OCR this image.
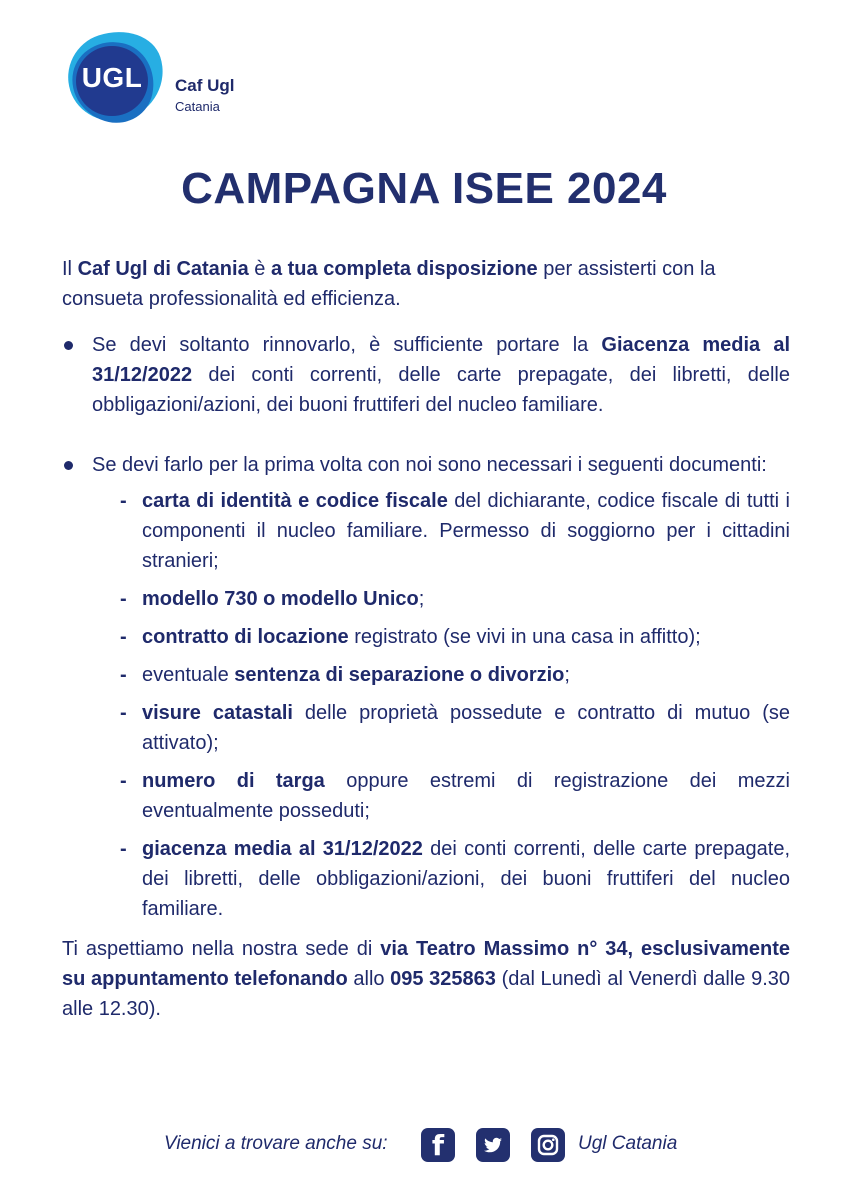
UGL	Caf Ugl
Catania
CAMPAGNA ISEE 2024

Il Caf Ugl di Catania è a tua completa disposizione per assisterti con la consueta professionalità ed efficienza.

Se devi soltanto rinnovarlo, è sufficiente portare la Giacenza media al 31/12/2022 dei conti correnti, delle carte prepagate, dei libretti, delle obbligazioni/azioni, dei buoni fruttiferi del nucleo familiare.
Se devi farlo per la prima volta con noi sono necessari i seguenti documenti:
- carta di identità e codice fiscale del dichiarante, codice fiscale di tutti i componenti il nucleo familiare. Permesso di soggiorno per i cittadini stranieri;
- modello 730 o modello Unico;
- contratto di locazione registrato (se vivi in una casa in affitto);
- eventuale sentenza di separazione o divorzio;
- visure catastali delle proprietà possedute e contratto di mutuo (se attivato);
- numero di targa oppure estremi di registrazione dei mezzi eventualmente posseduti;
- giacenza media al 31/12/2022 dei conti correnti, delle carte prepagate, dei libretti, delle obbligazioni/azioni, dei buoni fruttiferi del nucleo familiare.

Ti aspettiamo nella nostra sede di via Teatro Massimo n° 34, esclusivamente su appuntamento telefonando allo 095 325863 (dal Lunedì al Venerdì dalle 9.30 alle 12.30).

Vienici a trovare anche su:	f	Ugl Catania
